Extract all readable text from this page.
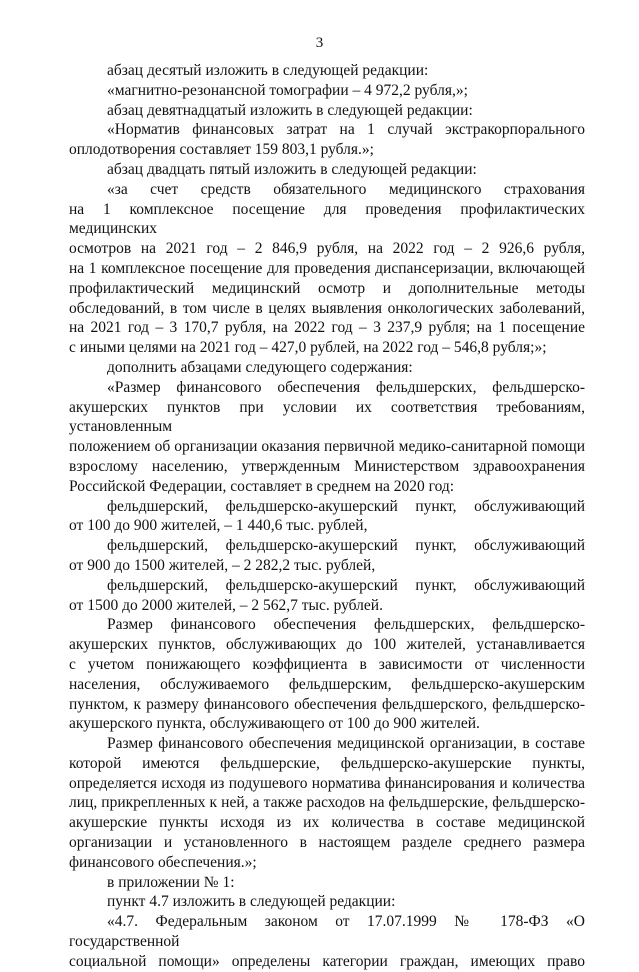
3

абзац десятый изложить в следующей редакции:

«магнитно-резонансной томографии – 4 972,2 рубля,»;

абзац девятнадцатый изложить в следующей редакции:

«Норматив финансовых затрат на 1 случай экстракорпорального

оплодотворения составляет 159 803,1 рубля.»;

абзац двадцать пятый изложить в следующей редакции:

«за счет средств обязательного медицинского страхования

на 1 комплексное посещение для проведения профилактических медицинских

осмотров на 2021 год – 2 846,9 рубля, на 2022 год – 2 926,6 рубля,

на 1 комплексное посещение для проведения диспансеризации, включающей

профилактический медицинский осмотр и дополнительные методы

обследований, в том числе в целях выявления онкологических заболеваний,

на 2021 год – 3 170,7 рубля, на 2022 год – 3 237,9 рубля; на 1 посещение

с иными целями на 2021 год – 427,0 рублей, на 2022 год – 546,8 рубля;»;

дополнить абзацами следующего содержания:

«Размер финансового обеспечения фельдшерских, фельдшерско-

акушерских пунктов при условии их соответствия требованиям, установленным

положением об организации оказания первичной медико-санитарной помощи

взрослому населению, утвержденным Министерством здравоохранения

Российской Федерации, составляет в среднем на 2020 год:

фельдшерский, фельдшерско-акушерский пункт, обслуживающий

от 100 до 900 жителей, – 1 440,6 тыс. рублей,

фельдшерский, фельдшерско-акушерский пункт, обслуживающий

от 900 до 1500 жителей, – 2 282,2 тыс. рублей,

фельдшерский, фельдшерско-акушерский пункт, обслуживающий

от 1500 до 2000 жителей, – 2 562,7 тыс. рублей.

Размер финансового обеспечения фельдшерских, фельдшерско-

акушерских пунктов, обслуживающих до 100 жителей, устанавливается

с учетом понижающего коэффициента в зависимости от численности

населения, обслуживаемого фельдшерским, фельдшерско-акушерским

пунктом, к размеру финансового обеспечения фельдшерского, фельдшерско-

акушерского пункта, обслуживающего от 100 до 900 жителей.

Размер финансового обеспечения медицинской организации, в составе

которой имеются фельдшерские, фельдшерско-акушерские пункты,

определяется исходя из подушевого норматива финансирования и количества

лиц, прикрепленных к ней, а также расходов на фельдшерские, фельдшерско-

акушерские пункты исходя из их количества в составе медицинской

организации и установленного в настоящем разделе среднего размера

финансового обеспечения.»;

в приложении № 1:

пункт 4.7 изложить в следующей редакции:

«4.7. Федеральным законом от 17.07.1999 № 178-ФЗ «О государственной

социальной помощи» определены категории граждан, имеющих право
